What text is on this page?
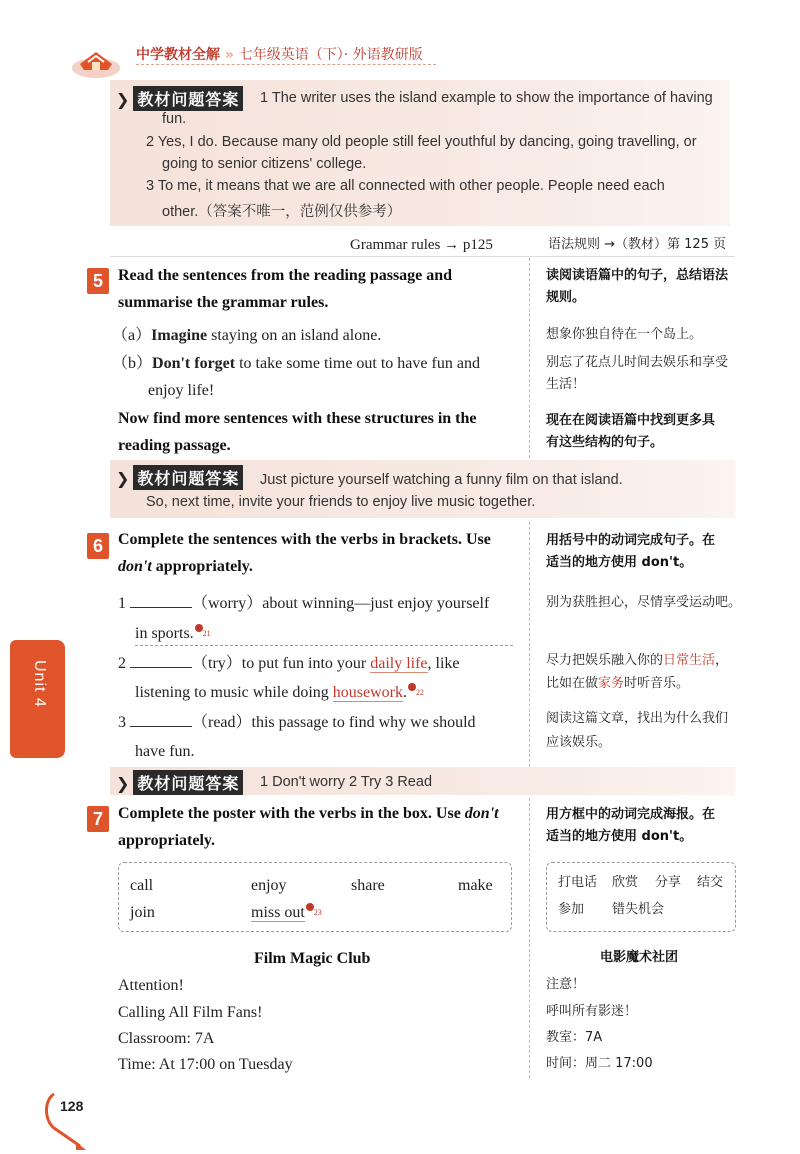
中学教材全解 » 七年级英语（下）· 外语教研版
❯ 教材问题答案 1 The writer uses the island example to show the importance of having
fun.
2 Yes, I do. Because many old people still feel youthful by dancing, going travelling, or
going to senior citizens' college.
3 To me, it means that we are all connected with other people. People need each
other.（答案不唯一，范例仅供参考）
Grammar rules → p125	语法规则 →（教材）第 125 页
5 Read the sentences from the reading passage and
summarise the grammar rules.
读阅读语篇中的句子，总结语法
规则。
（a）Imagine staying on an island alone.	想象你独自待在一个岛上。
（b）Don't forget to take some time out to have fun and
enjoy life!
别忘了花点儿时间去娱乐和享受
生活！
Now find more sentences with these structures in the
reading passage.
现在在阅读语篇中找到更多具
有这些结构的句子。
❯ 教材问题答案 Just picture yourself watching a funny film on that island.
So, next time, invite your friends to enjoy live music together.
6 Complete the sentences with the verbs in brackets. Use
don't appropriately.
用括号中的动词完成句子。在
适当的地方使用 don't。
1	（worry）about winning—just enjoy yourself
in sports. $^{21}$
别为获胜担心，尽情享受运动吧。
2	（try）to put fun into your daily life, like
listening to music while doing housework. $^{22}$
尽力把娱乐融入你的日常生活，
比如在做家务时听音乐。
3	（read）this passage to find why we should
have fun.
阅读这篇文章，找出为什么我们
应该娱乐。
❯ 教材问题答案 1 Don't worry 2 Try 3 Read
7 Complete the poster with the verbs in the box. Use don't
appropriately.
用方框中的动词完成海报。在
适当的地方使用 don't。
call	enjoy	share	make
join	miss out $^{23}$
打电话 欣赏 分享 结交
参加 错失机会
Film Magic Club	电影魔术社团
Attention!
Calling All Film Fans!
Classroom: 7A
Time: At 17:00 on Tuesday
注意！
呼叫所有影迷！
教室：7A
时间：周二 17:00
Unit 4
128
